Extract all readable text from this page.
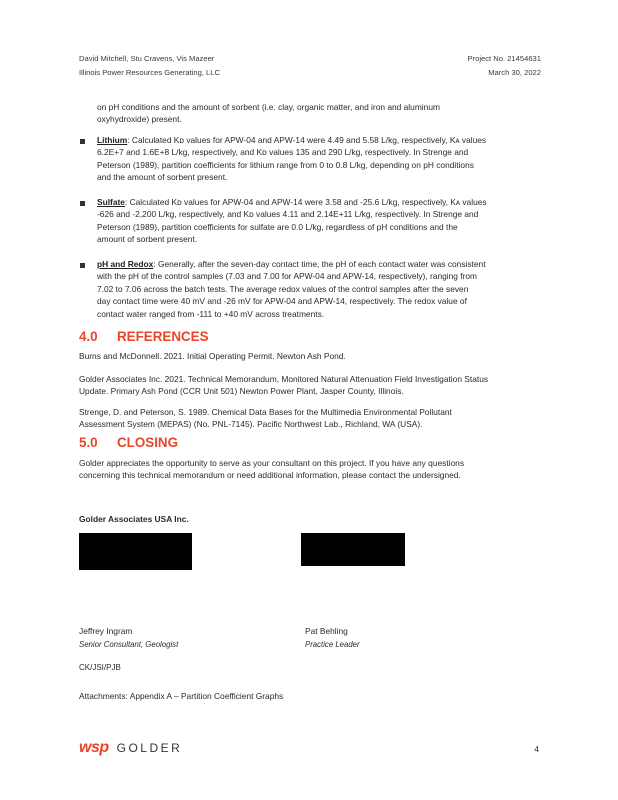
David Mitchell, Stu Cravens, Vis Mazeer
Illinois Power Resources Generating, LLC
Project No. 21454631
March 30, 2022
on pH conditions and the amount of sorbent (i.e. clay, organic matter, and iron and aluminum
oxyhydroxide) present.
Lithium: Calculated Kᴅ values for APW-04 and APW-14 were 4.49 and 5.58 L/kg, respectively, Kᴀ values
6.2E+7 and 1.6E+8 L/kg, respectively, and Kᴅ values 135 and 290 L/kg, respectively. In Strenge and
Peterson (1989), partition coefficients for lithium range from 0 to 0.8 L/kg, depending on pH conditions
and the amount of sorbent present.
Sulfate: Calculated Kᴅ values for APW-04 and APW-14 were 3.58 and -25.6 L/kg, respectively, Kᴀ values
-626 and -2,200 L/kg, respectively, and Kᴅ values 4.11 and 2.14E+11 L/kg, respectively. In Strenge and
Peterson (1989), partition coefficients for sulfate are 0.0 L/kg, regardless of pH conditions and the
amount of sorbent present.
pH and Redox: Generally, after the seven-day contact time, the pH of each contact water was consistent
with the pH of the control samples (7.03 and 7.00 for APW-04 and APW-14, respectively), ranging from
7.02 to 7.06 across the batch tests. The average redox values of the control samples after the seven
day contact time were 40 mV and -26 mV for APW-04 and APW-14, respectively. The redox value of
contact water ranged from -111 to +40 mV across treatments.
4.0 REFERENCES
Burns and McDonnell. 2021. Initial Operating Permit. Newton Ash Pond.
Golder Associates Inc. 2021. Technical Memorandum, Monitored Natural Attenuation Field Investigation Status
Update. Primary Ash Pond (CCR Unit 501) Newton Power Plant, Jasper County, Illinois.
Strenge, D. and Peterson, S. 1989. Chemical Data Bases for the Multimedia Environmental Pollutant
Assessment System (MEPAS) (No. PNL-7145). Pacific Northwest Lab., Richland, WA (USA).
5.0 CLOSING
Golder appreciates the opportunity to serve as your consultant on this project. If you have any questions
concerning this technical memorandum or need additional information, please contact the undersigned.
Golder Associates USA Inc.
Jeffrey Ingram
Senior Consultant, Geologist
Pat Behling
Practice Leader
CK/JSI/PJB
Attachments: Appendix A – Partition Coefficient Graphs
wsp GOLDER	4
